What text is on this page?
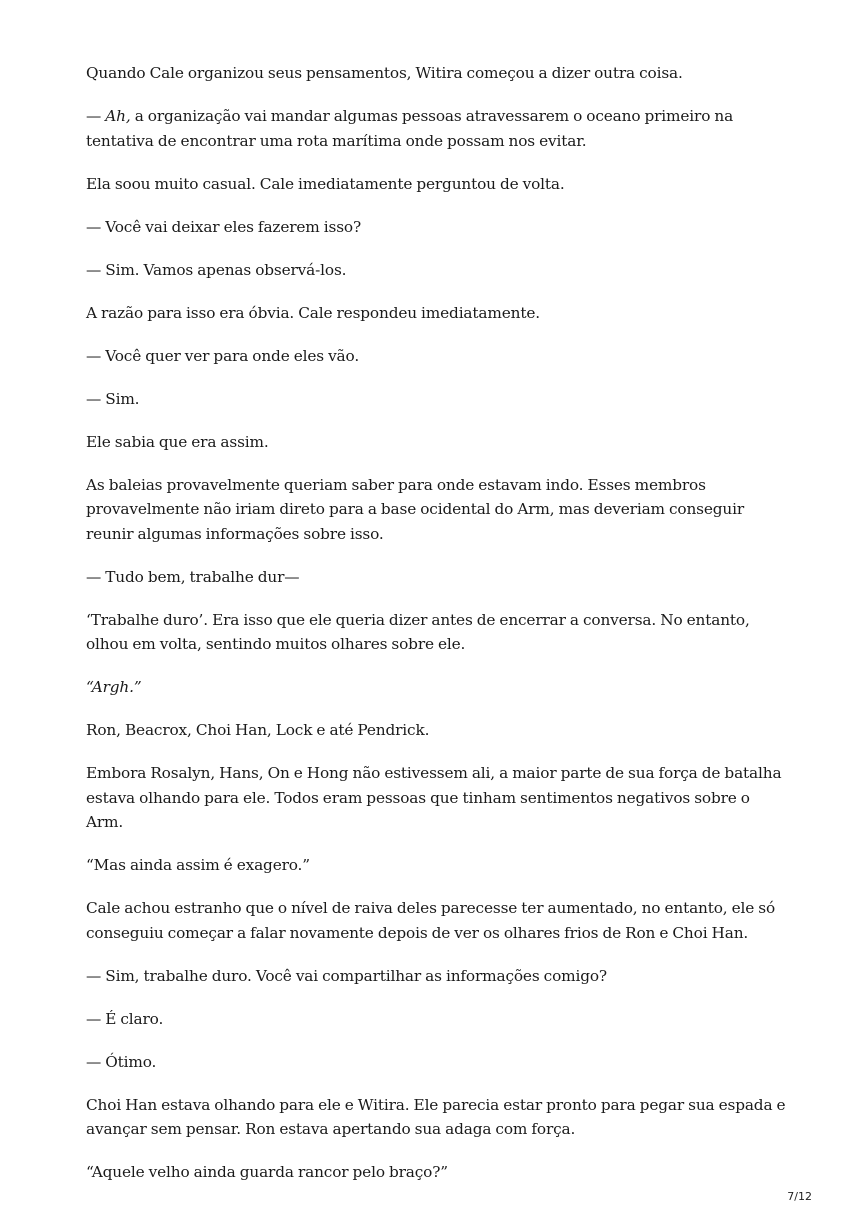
Quando Cale organizou seus pensamentos, Witira começou a dizer outra coisa.

— Ah, a organização vai mandar algumas pessoas atravessarem o oceano primeiro na tentativa de encontrar uma rota marítima onde possam nos evitar.

Ela soou muito casual. Cale imediatamente perguntou de volta.

— Você vai deixar eles fazerem isso?

— Sim. Vamos apenas observá-los.

A razão para isso era óbvia. Cale respondeu imediatamente.

— Você quer ver para onde eles vão.

— Sim.

Ele sabia que era assim.

As baleias provavelmente queriam saber para onde estavam indo. Esses membros provavelmente não iriam direto para a base ocidental do Arm, mas deveriam conseguir reunir algumas informações sobre isso.

— Tudo bem, trabalhe dur—

‘Trabalhe duro’. Era isso que ele queria dizer antes de encerrar a conversa. No entanto, olhou em volta, sentindo muitos olhares sobre ele.

“Argh.”

Ron, Beacrox, Choi Han, Lock e até Pendrick.

Embora Rosalyn, Hans, On e Hong não estivessem ali, a maior parte de sua força de batalha estava olhando para ele. Todos eram pessoas que tinham sentimentos negativos sobre o Arm.

“Mas ainda assim é exagero.”

Cale achou estranho que o nível de raiva deles parecesse ter aumentado, no entanto, ele só conseguiu começar a falar novamente depois de ver os olhares frios de Ron e Choi Han.

— Sim, trabalhe duro. Você vai compartilhar as informações comigo?

— É claro.

— Ótimo.

Choi Han estava olhando para ele e Witira. Ele parecia estar pronto para pegar sua espada e avançar sem pensar. Ron estava apertando sua adaga com força.

“Aquele velho ainda guarda rancor pelo braço?”

7/12
